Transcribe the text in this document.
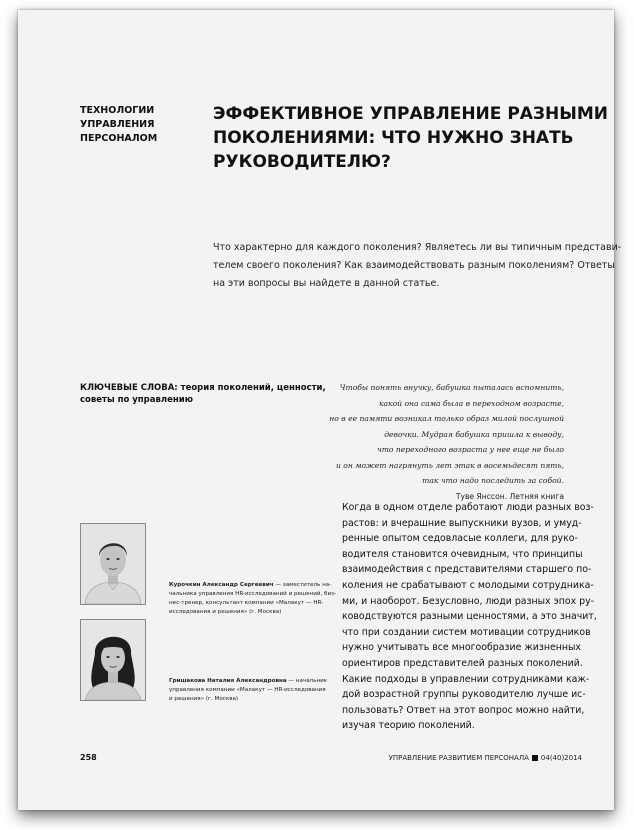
ТЕХНОЛОГИИ
УПРАВЛЕНИЯ
ПЕРСОНАЛОМ
ЭФФЕКТИВНОЕ УПРАВЛЕНИЕ РАЗНЫМИ
ПОКОЛЕНИЯМИ: ЧТО НУЖНО ЗНАТЬ
РУКОВОДИТЕЛЮ?
Что характерно для каждого поколения? Являетесь ли вы типичным представи-
телем своего поколения? Как взаимодействовать разным поколениям? Ответы
на эти вопросы вы найдете в данной статье.
КЛЮЧЕВЫЕ СЛОВА: теория поколений, ценности, советы по управлению
Чтобы понять внучку, бабушка пыталась вспомнить,
какой она сама была в переходном возрасте,
но в ее памяти возникал только образ милой послушной
девочки. Мудрая бабушка пришла к выводу,
что переходного возраста у нее еще не было
и он может нагрянуть лет этак в восемьдесят пять,
так что надо последить за собой.
Туве Янссон. Летняя книга
Курочкин Александр Сергеевич — заместитель на-
чальника управления HR-исследований и решений, биз-
нес-тренер, консультант компании «Малакут — HR-
исследования и решения» (г. Москва)
Гришакова Наталия Александровна — начальник
управления компании «Малакут — HR-исследования
и решения» (г. Москва)
Когда в одном отделе работают люди разных воз-
растов: и вчерашние выпускники вузов, и умуд-
ренные опытом седовласые коллеги, для руко-
водителя становится очевидным, что принципы
взаимодействия с представителями старшего по-
коления не срабатывают с молодыми сотрудника-
ми, и наоборот. Безусловно, люди разных эпох ру-
ководствуются разными ценностями, а это значит,
что при создании систем мотивации сотрудников
нужно учитывать все многообразие жизненных
ориентиров представителей разных поколений.
Какие подходы в управлении сотрудниками каж-
дой возрастной группы руководителю лучше ис-
пользовать? Ответ на этот вопрос можно найти,
изучая теорию поколений.
258	УПРАВЛЕНИЕ РАЗВИТИЕМ ПЕРСОНАЛА 04(40)2014
